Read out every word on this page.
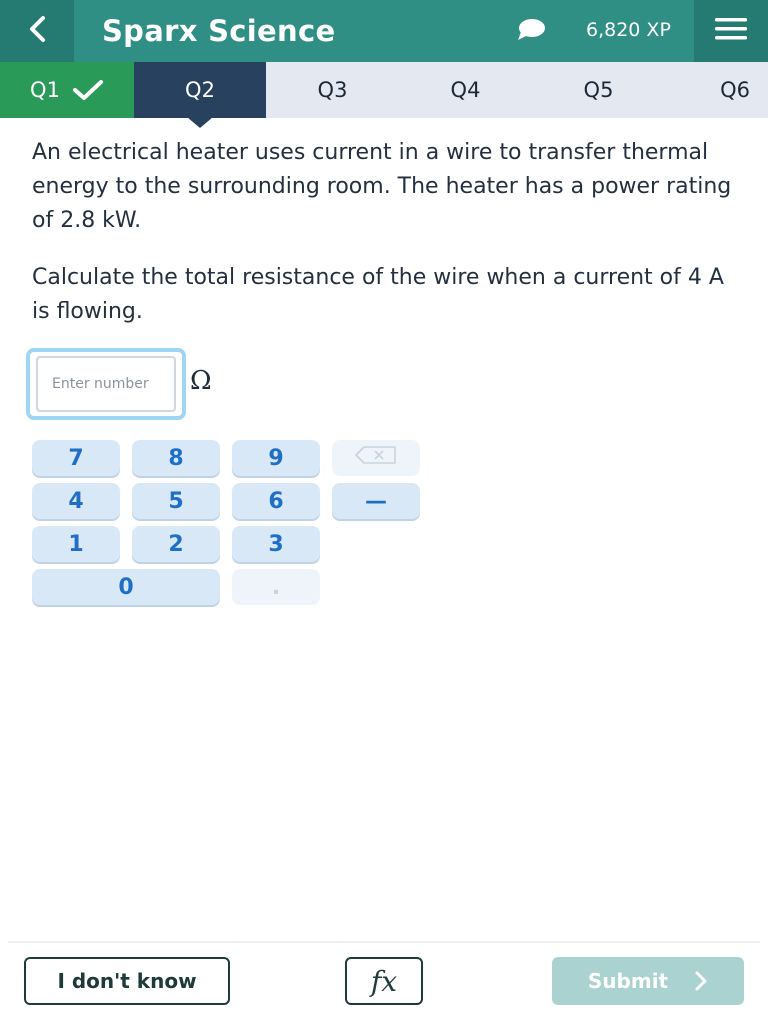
Sparx Science	6,820 XP
Q1	Q2	Q3	Q4	Q5	Q6

An electrical heater uses current in a wire to transfer thermal energy to the surrounding room. The heater has a power rating of 2.8 kW.

Calculate the total resistance of the wire when a current of 4 A is flowing.

Enter number
Ω
7	8	9
4	5	6	—
1	2	3
0	.
I don't know	fx	Submit
